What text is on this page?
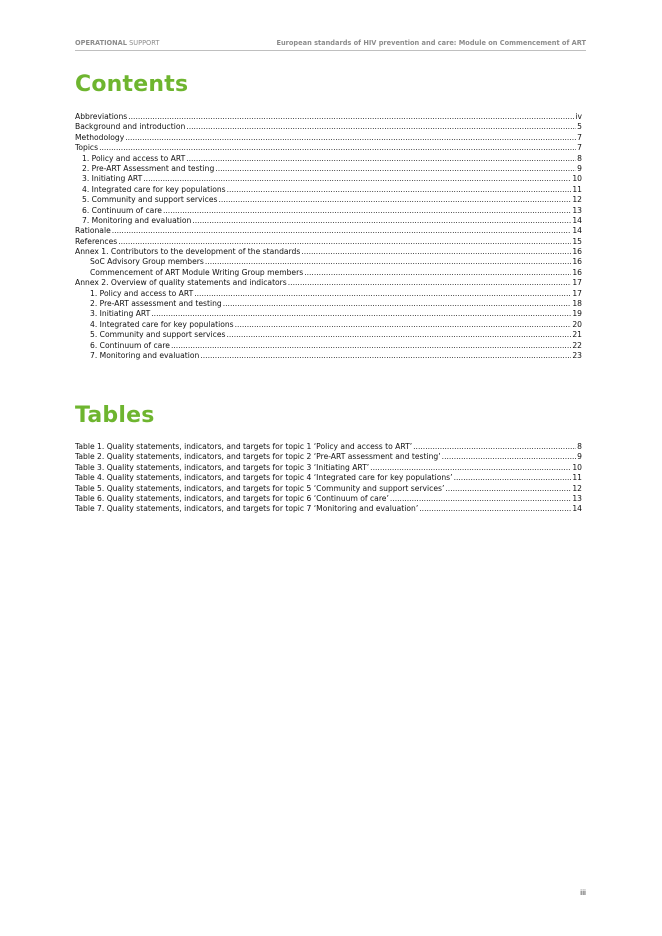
OPERATIONAL SUPPORT	European standards of HIV prevention and care: Module on Commencement of ART
Contents
Abbreviations .....	iv
Background and introduction .....	5
Methodology .....	7
Topics .....	7
1. Policy and access to ART .....	8
2. Pre-ART Assessment and testing .....	9
3. Initiating ART .....	10
4. Integrated care for key populations .....	11
5. Community and support services .....	12
6. Continuum of care .....	13
7. Monitoring and evaluation .....	14
Rationale .....	14
References .....	15
Annex 1. Contributors to the development of the standards .....	16
SoC Advisory Group members .....	16
Commencement of ART Module Writing Group members .....	16
Annex 2. Overview of quality statements and indicators .....	17
1. Policy and access to ART .....	17
2. Pre-ART assessment and testing .....	18
3. Initiating ART .....	19
4. Integrated care for key populations .....	20
5. Community and support services .....	21
6. Continuum of care .....	22
7. Monitoring and evaluation .....	23
Tables
Table 1. Quality statements, indicators, and targets for topic 1 ‘Policy and access to ART’ .....	8
Table 2. Quality statements, indicators, and targets for topic 2 ‘Pre-ART assessment and testing’ .....	9
Table 3. Quality statements, indicators, and targets for topic 3 ‘Initiating ART’ .....	10
Table 4. Quality statements, indicators, and targets for topic 4 ‘Integrated care for key populations’ .....	11
Table 5. Quality statements, indicators, and targets for topic 5 ‘Community and support services’ .....	12
Table 6. Quality statements, indicators, and targets for topic 6 ‘Continuum of care’ .....	13
Table 7. Quality statements, indicators, and targets for topic 7 ‘Monitoring and evaluation’ .....	14
iii
